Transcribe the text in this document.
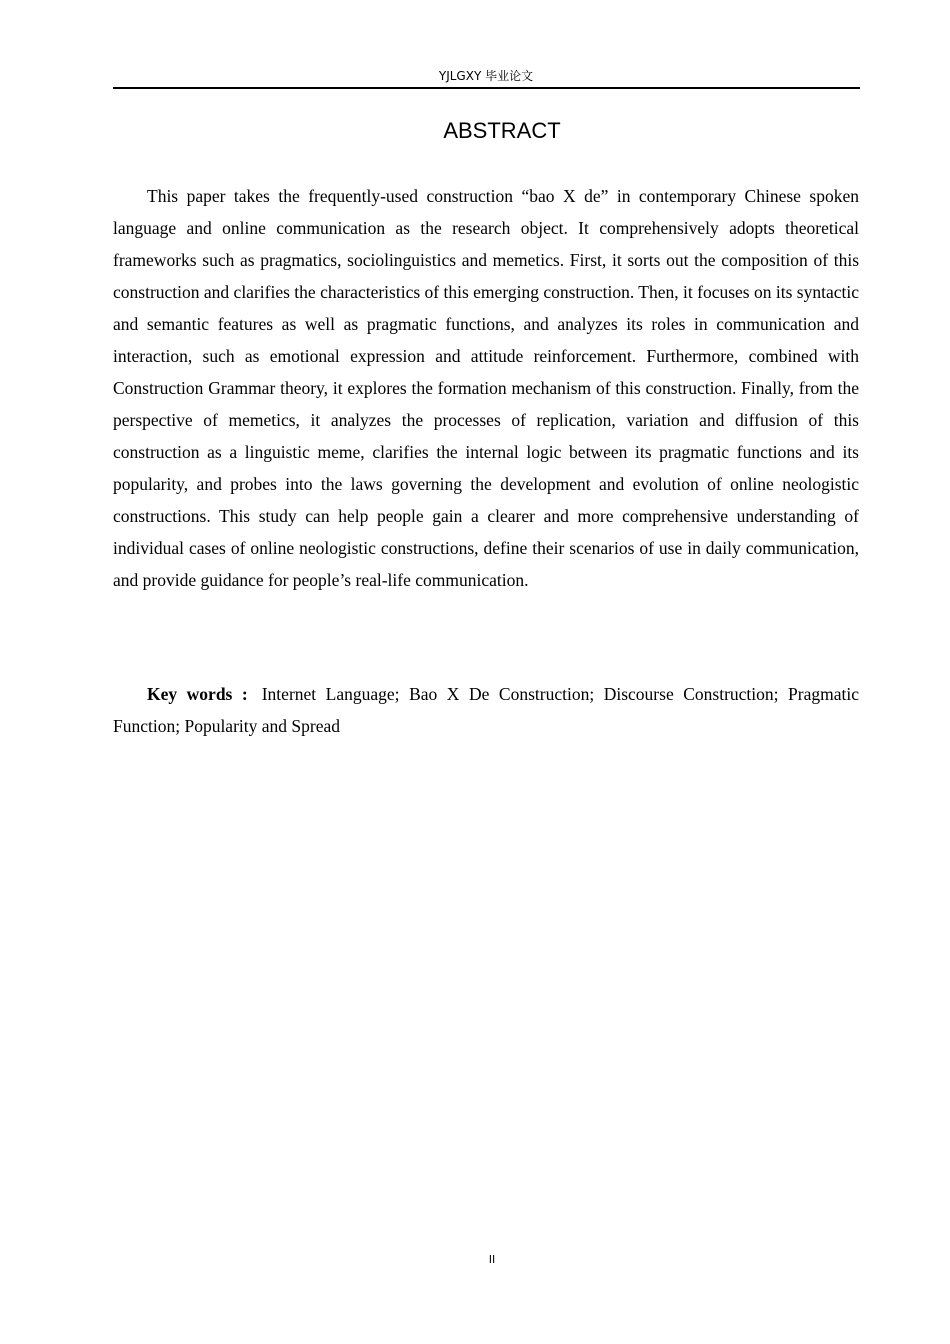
YJLGXY 毕业论文
ABSTRACT

This paper takes the frequently-used construction “bao X de” in contemporary Chinese spoken language and online communication as the research object. It comprehensively adopts theoretical frameworks such as pragmatics, sociolinguistics and memetics. First, it sorts out the composition of this construction and clarifies the characteristics of this emerging construction. Then, it focuses on its syntactic and semantic features as well as pragmatic functions, and analyzes its roles in communication and interaction, such as emotional expression and attitude reinforcement. Furthermore, combined with Construction Grammar theory, it explores the formation mechanism of this construction. Finally, from the perspective of memetics, it analyzes the processes of replication, variation and diffusion of this construction as a linguistic meme, clarifies the internal logic between its pragmatic functions and its popularity, and probes into the laws governing the development and evolution of online neologistic constructions. This study can help people gain a clearer and more comprehensive understanding of individual cases of online neologistic constructions, define their scenarios of use in daily communication, and provide guidance for people’s real-life communication.

Key words : Internet Language; Bao X De Construction; Discourse Construction; Pragmatic Function; Popularity and Spread

II
